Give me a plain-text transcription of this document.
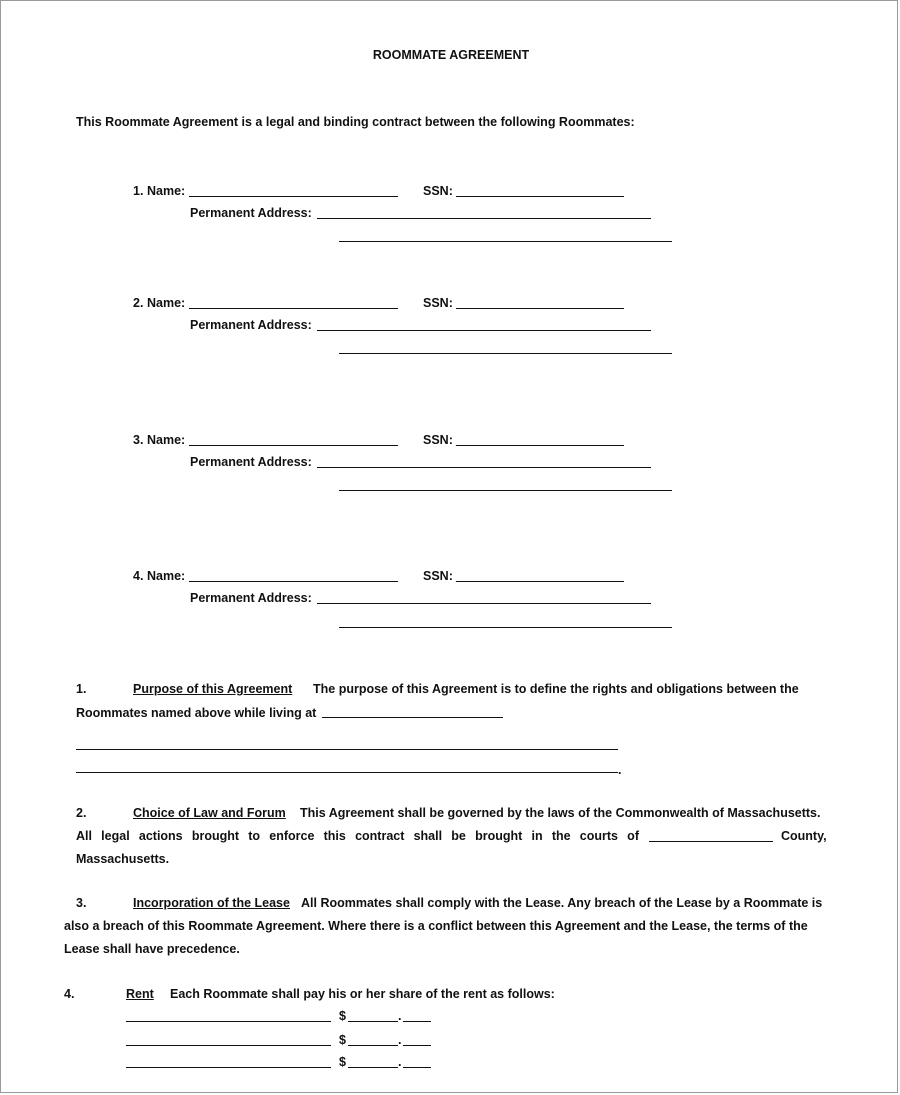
ROOMMATE AGREEMENT
This Roommate Agreement is a legal and binding contract between the following Roommates:
1. Name:	SSN:
Permanent Address:
2. Name:	SSN:
Permanent Address:
3. Name:	SSN:
Permanent Address:
4. Name:	SSN:
Permanent Address:
1.	Purpose of this Agreement The purpose of this Agreement is to define the rights and obligations between the
Roommates named above while living at
.
2.	Choice of Law and Forum This Agreement shall be governed by the laws of the Commonwealth of Massachusetts.
All legal actions brought to enforce this contract shall be brought in the courts of	County,
Massachusetts.
3.	Incorporation of the Lease All Roommates shall comply with the Lease. Any breach of the Lease by a Roommate is
also a breach of this Roommate Agreement. Where there is a conflict between this Agreement and the Lease, the terms of the
Lease shall have precedence.
4.	Rent Each Roommate shall pay his or her share of the rent as follows:
$	.
$	.
$	.
